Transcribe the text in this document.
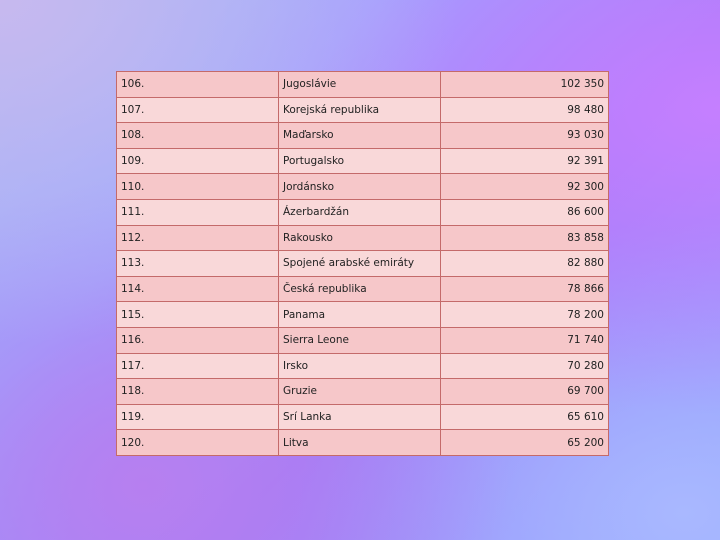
106.	Jugoslávie	102 350
107.	Korejská republika	98 480
108.	Maďarsko	93 030
109.	Portugalsko	92 391
110.	Jordánsko	92 300
111.	Ázerbardžán	86 600
112.	Rakousko	83 858
113.	Spojené arabské emiráty	82 880
114.	Česká republika	78 866
115.	Panama	78 200
116.	Sierra Leone	71 740
117.	Irsko	70 280
118.	Gruzie	69 700
119.	Srí Lanka	65 610
120.	Litva	65 200
